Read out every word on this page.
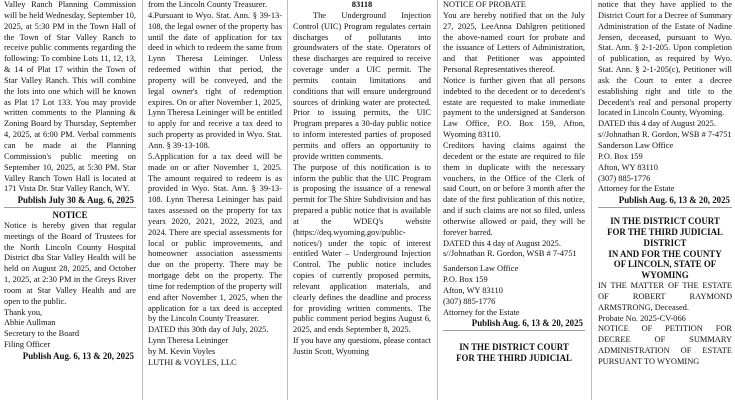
Valley Ranch Planning Commission will be held Wednesday, September 10, 2025, at 5:30 PM in the Town Hall of the Town of Star Valley Ranch to receive public comments regarding the following: To combine Lots 11, 12, 13, & 14 of Plat 17 within the Town of Star Valley Ranch. This will combine the lots into one which will be known as Plat 17 Lot 133. You may provide written comments to the Planning & Zoning Board by Thursday, September 4, 2025, at 6:00 PM. Verbal comments can be made at the Planning Commission's public meeting on September 10, 2025, at 5:30 PM. Star Valley Ranch Town Hall is located at 171 Vista Dr. Star Valley Ranch, WY.

Publish July 30 & Aug. 6, 2025

NOTICE

Notice is hereby given that regular meetings of the Board of Trustees for the North Lincoln County Hospital District dba Star Valley Health will be held on August 28, 2025, and October 1, 2025, at 2:30 PM in the Greys River room at Star Valley Health and are open to the public.

Thank you,

Abbie Aullman

Secretary to the Board

Filing Officer

Publish Aug. 6, 13 & 20, 2025

from the Lincoln County Treasurer.

4.Pursuant to Wyo. Stat. Ann. § 39-13-108, the legal owner of the property has until the date of application for tax deed in which to redeem the same from Lynn Theresa Leininger. Unless redeemed within that period, the property will be conveyed, and the legal owner's right of redemption expires. On or after November 1, 2025, Lynn Theresa Leininger will be entitled to apply for and receive a tax deed to such property as provided in Wyo. Stat. Ann. § 39-13-108.

5.Application for a tax deed will be made on or after November 1, 2025. The amount required to redeem is as provided in Wyo. Stat. Ann. § 39-13-108. Lynn Theresa Leininger has paid taxes assessed on the property for tax years 2020, 2021, 2022, 2023, and 2024. There are special assessments for local or public improvements, and homeowner association assessments due on the property. There may be mortgage debt on the property. The time for redemption of the property will end after November 1, 2025, when the application for a tax deed is accepted by the Lincoln County Treasurer.

DATED this 30th day of July, 2025.

Lynn Theresa Leininger

by M. Kevin Voyles

LUTHI & VOYLES, LLC

83118

The Underground Injection Control (UIC) Program regulates certain discharges of pollutants into groundwaters of the state. Operators of these discharges are required to receive coverage under a UIC permit. The permits contain limitations and conditions that will ensure underground sources of drinking water are protected. Prior to issuing permits, the UIC Program prepares a 30-day public notice to inform interested parties of proposed permits and offers an opportunity to provide written comments.

The purpose of this notification is to inform the public that the UIC Program is proposing the issuance of a renewal permit for The Shire Subdivision and has prepared a public notice that is available at the WDEQ's website (https://deq.wyoming.gov/public-notices/) under the topic of interest entitled Water – Underground Injection Control. The public notice includes copies of currently proposed permits, relevant application materials, and clearly defines the deadline and process for providing written comments. The public comment period begins August 6, 2025, and ends September 8, 2025.

If you have any questions, please contact Justin Scott, Wyoming

NOTICE OF PROBATE

You are hereby notified that on the July 27, 2025, LeeAnna Dahlgren petitioned the above-named court for probate and the issuance of Letters of Administration, and that Petitioner was appointed Personal Representatives thereof.

Notice is further given that all persons indebted to the decedent or to decedent's estate are requested to make immediate payment to the undersigned at Sanderson Law Office, P.O. Box 159, Afton, Wyoming 83110.

Creditors having claims against the decedent or the estate are required to file them in duplicate with the necessary vouchers, in the Office of the Clerk of said Court, on or before 3 month after the date of the first publication of this notice, and if such claims are not so filed, unless otherwise allowed or paid, they will be forever barred.

DATED this 4 day of August 2025.

s//Johnathan R. Gordon, WSB # 7-4751

Sanderson Law Office

P.O. Box 159

Afton, WY 83110

(307) 885-1776

Attorney for the Estate

Publish Aug. 6, 13 & 20, 2025

IN THE DISTRICT COURT

FOR THE THIRD JUDICIAL

notice that they have applied to the District Court for a Decree of Summary Administration of the Estate of Nadine Jensen, deceased, pursuant to Wyo. Stat. Ann. § 2-1-205. Upon completion of publication, as required by Wyo. Stat. Ann. § 2-1-205(c), Petitioner will ask the Court to enter a decree establishing right and title to the Decedent's real and personal property located in Lincoln County, Wyoming.

DATED this 4 day of August 2025.

s//Johnathan R. Gordon, WSB # 7-4751

Sanderson Law Office

P.O. Box 159

Afton, WY 83110

(307) 885-1776

Attorney for the Estate

Publish Aug. 6, 13 & 20, 2025

IN THE DISTRICT COURT

FOR THE THIRD JUDICIAL

DISTRICT

IN AND FOR THE COUNTY

OF LINCOLN, STATE OF

WYOMING

IN THE MATTER OF THE ESTATE OF ROBERT RAYMOND ARMSTRONG, Deceased.

Probate No. 2025-CV-066

NOTICE OF PETITION FOR DECREE OF SUMMARY ADMINISTRATION OF ESTATE PURSUANT TO WYOMING
